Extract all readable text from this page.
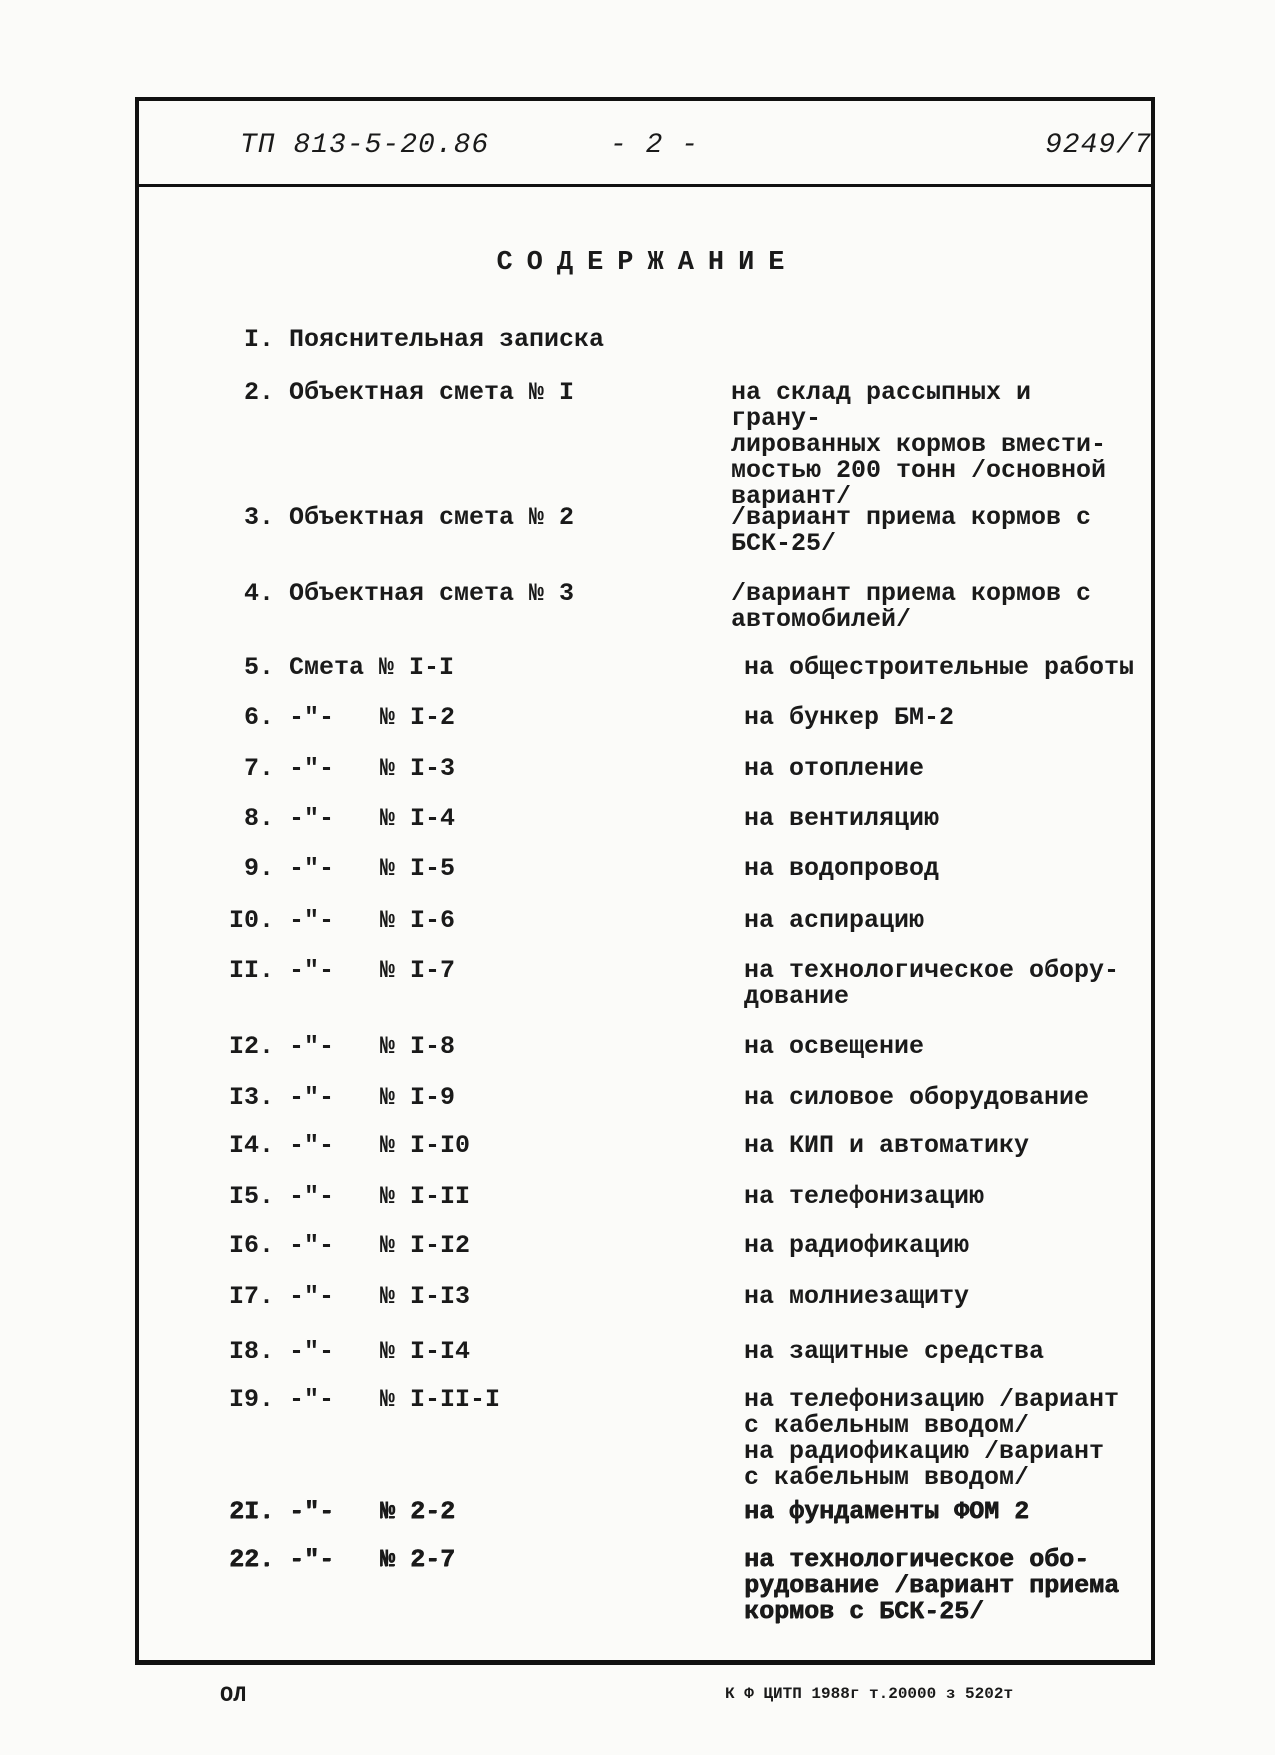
ТП 813-5-20.86	- 2 -	9249/7
СОДЕРЖАНИЕ
I. Пояснительная записка
2. Объектная смета № I	на склад рассыпных и грану-
лированных кормов вмести-
мостью 200 тонн /основной
вариант/
3. Объектная смета № 2	/вариант приема кормов с
БСК-25/
4. Объектная смета № 3	/вариант приема кормов с
автомобилей/
5. Смета № I-I	на общестроительные работы
6. -"- № I-2	на бункер БМ-2
7. -"- № I-3	на отопление
8. -"- № I-4	на вентиляцию
9. -"- № I-5	на водопровод
I0. -"- № I-6	на аспирацию
II. -"- № I-7	на технологическое обору-
дование
I2. -"- № I-8	на освещение
I3. -"- № I-9	на силовое оборудование
I4. -"- № I-I0	на КИП и автоматику
I5. -"- № I-II	на телефонизацию
I6. -"- № I-I2	на радиофикацию
I7. -"- № I-I3	на молниезащиту
I8. -"- № I-I4	на защитные средства
I9. -"- № I-II-I	на телефонизацию /вариант
с кабельным вводом/
на радиофикацию /вариант
с кабельным вводом/
2I. -"- № 2-2	на фундаменты ФОМ 2
22. -"- № 2-7	на технологическое обо-
рудование /вариант приема
кормов с БСК-25/
ОЛ	К Ф ЦИТП 1988г т.20000 з 5202т
